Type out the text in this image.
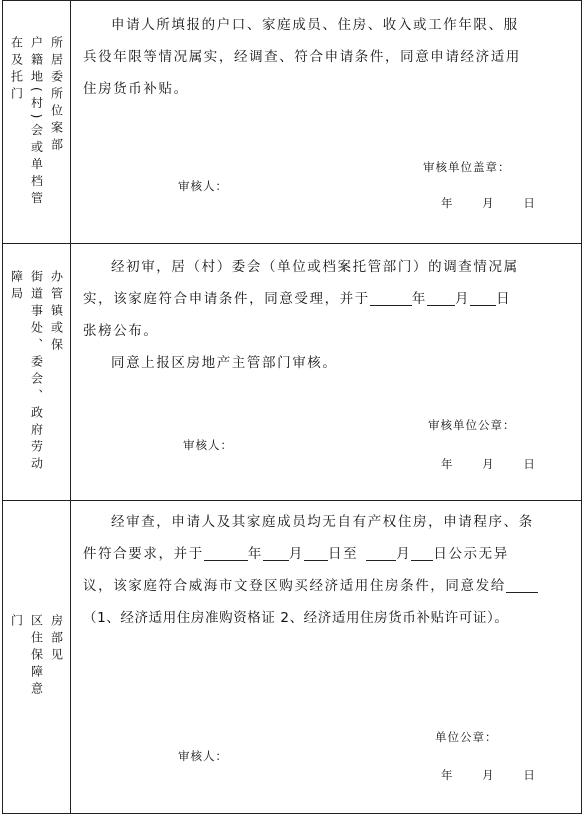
所居委所位案部
户籍地(村)会或单档管
在及托门
申请人所填报的户口、家庭成员、住房、收入或工作年限、服
兵役年限等情况属实，经调查、符合申请条件，同意申请经济适用
住房货币补贴。
审核单位盖章：
审核人：
年 月 日
办管镇或保
街道事处、委会、政府劳动
障局
经初审，居（村）委会（单位或档案托管部门）的调查情况属
实，该家庭符合申请条件，同意受理，并于	年 月 日
张榜公布。
同意上报区房地产主管部门审核。
审核单位公章：
审核人：
年 月 日
房部见
区住保障意
门
经审查，申请人及其家庭成员均无自有产权住房，申请程序、条
件符合要求，并于	年 月 日至	月 日公示无异
议，该家庭符合威海市文登区购买经济适用住房条件，同意发给
（1、经济适用住房准购资格证 2、经济适用住房货币补贴许可证）。
单位公章：
审核人：
年 月 日
